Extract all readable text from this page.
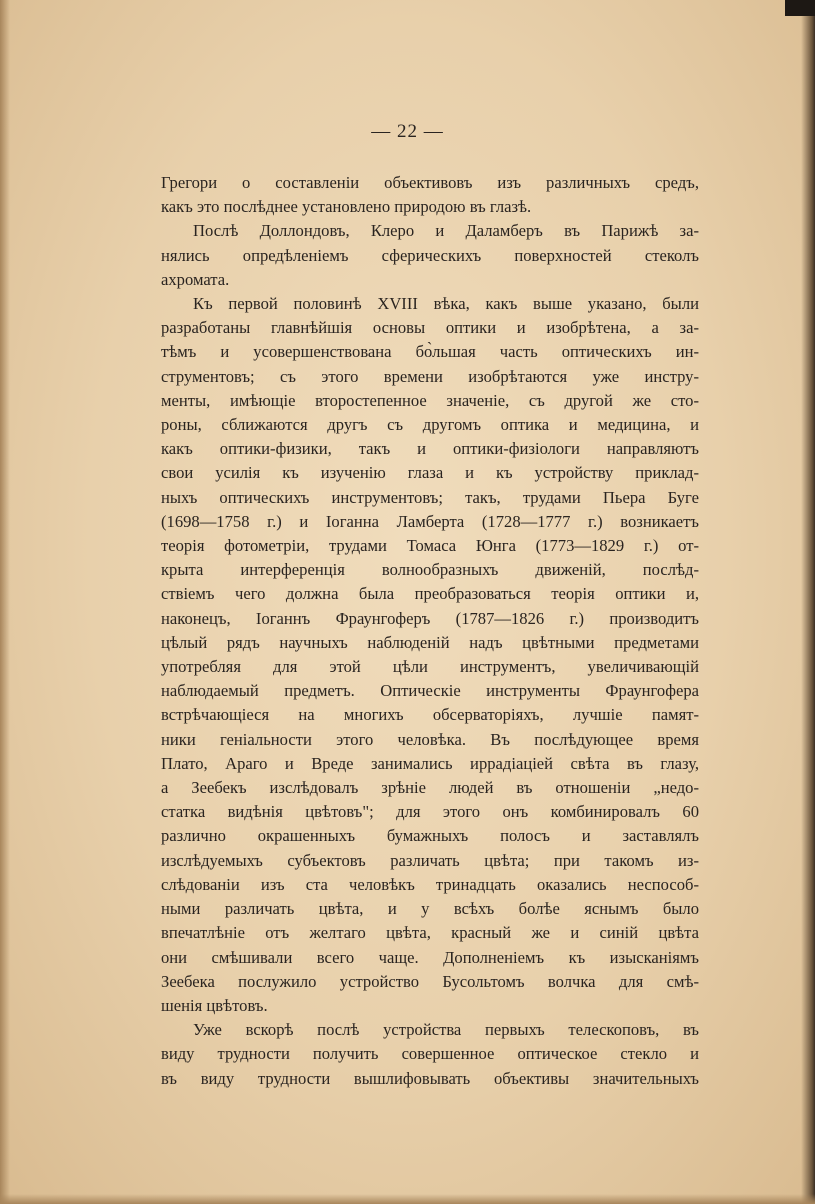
— 22 —
Грегори о составленіи объективовъ изъ различныхъ средъ,
какъ это послѣднее установлено природою въ глазѣ.
Послѣ Доллондовъ, Клеро и Даламберъ въ Парижѣ за-
нялись опредѣленіемъ сферическихъ поверхностей стеколъ
ахромата.
Къ первой половинѣ XVIII вѣка, какъ выше указано, были
разработаны главнѣйшія основы оптики и изобрѣтена, а за-
тѣмъ и усовершенствована бо̀льшая часть оптическихъ ин-
струментовъ; съ этого времени изобрѣтаются уже инстру-
менты, имѣющіе второстепенное значеніе, съ другой же сто-
роны, сближаются другъ съ другомъ оптика и медицина, и
какъ оптики-физики, такъ и оптики-физіологи направляютъ
свои усилія къ изученію глаза и къ устройству приклад-
ныхъ оптическихъ инструментовъ; такъ, трудами Пьера Буге
(1698—1758 г.) и Іоганна Ламберта (1728—1777 г.) возникаетъ
теорія фотометріи, трудами Томаса Юнга (1773—1829 г.) от-
крыта интерференція волнообразныхъ движеній, послѣд-
ствіемъ чего должна была преобразоваться теорія оптики и,
наконецъ, Іоганнъ Фраунгоферъ (1787—1826 г.) производитъ
цѣлый рядъ научныхъ наблюденій надъ цвѣтными предметами
употребляя для этой цѣли инструментъ, увеличивающій
наблюдаемый предметъ. Оптическіе инструменты Фраунгофера
встрѣчающіеся на многихъ обсерваторіяхъ, лучшіе памят-
ники геніальности этого человѣка. Въ послѣдующее время
Плато, Араго и Вреде занимались иррадіаціей свѣта въ глазу,
а Зеебекъ изслѣдовалъ зрѣніе людей въ отношеніи „недо-
статка видѣнія цвѣтовъ"; для этого онъ комбинировалъ 60
различно окрашенныхъ бумажныхъ полосъ и заставлялъ
изслѣдуемыхъ субъектовъ различать цвѣта; при такомъ из-
слѣдованіи изъ ста человѣкъ тринадцать оказались неспособ-
ными различать цвѣта, и у всѣхъ болѣе яснымъ было
впечатлѣніе отъ желтаго цвѣта, красный же и синій цвѣта
они смѣшивали всего чаще. Дополненіемъ къ изысканіямъ
Зеебека послужило устройство Бусольтомъ волчка для смѣ-
шенія цвѣтовъ.
Уже вскорѣ послѣ устройства первыхъ телескоповъ, въ
виду трудности получить совершенное оптическое стекло и
въ виду трудности вышлифовывать объективы значительныхъ
